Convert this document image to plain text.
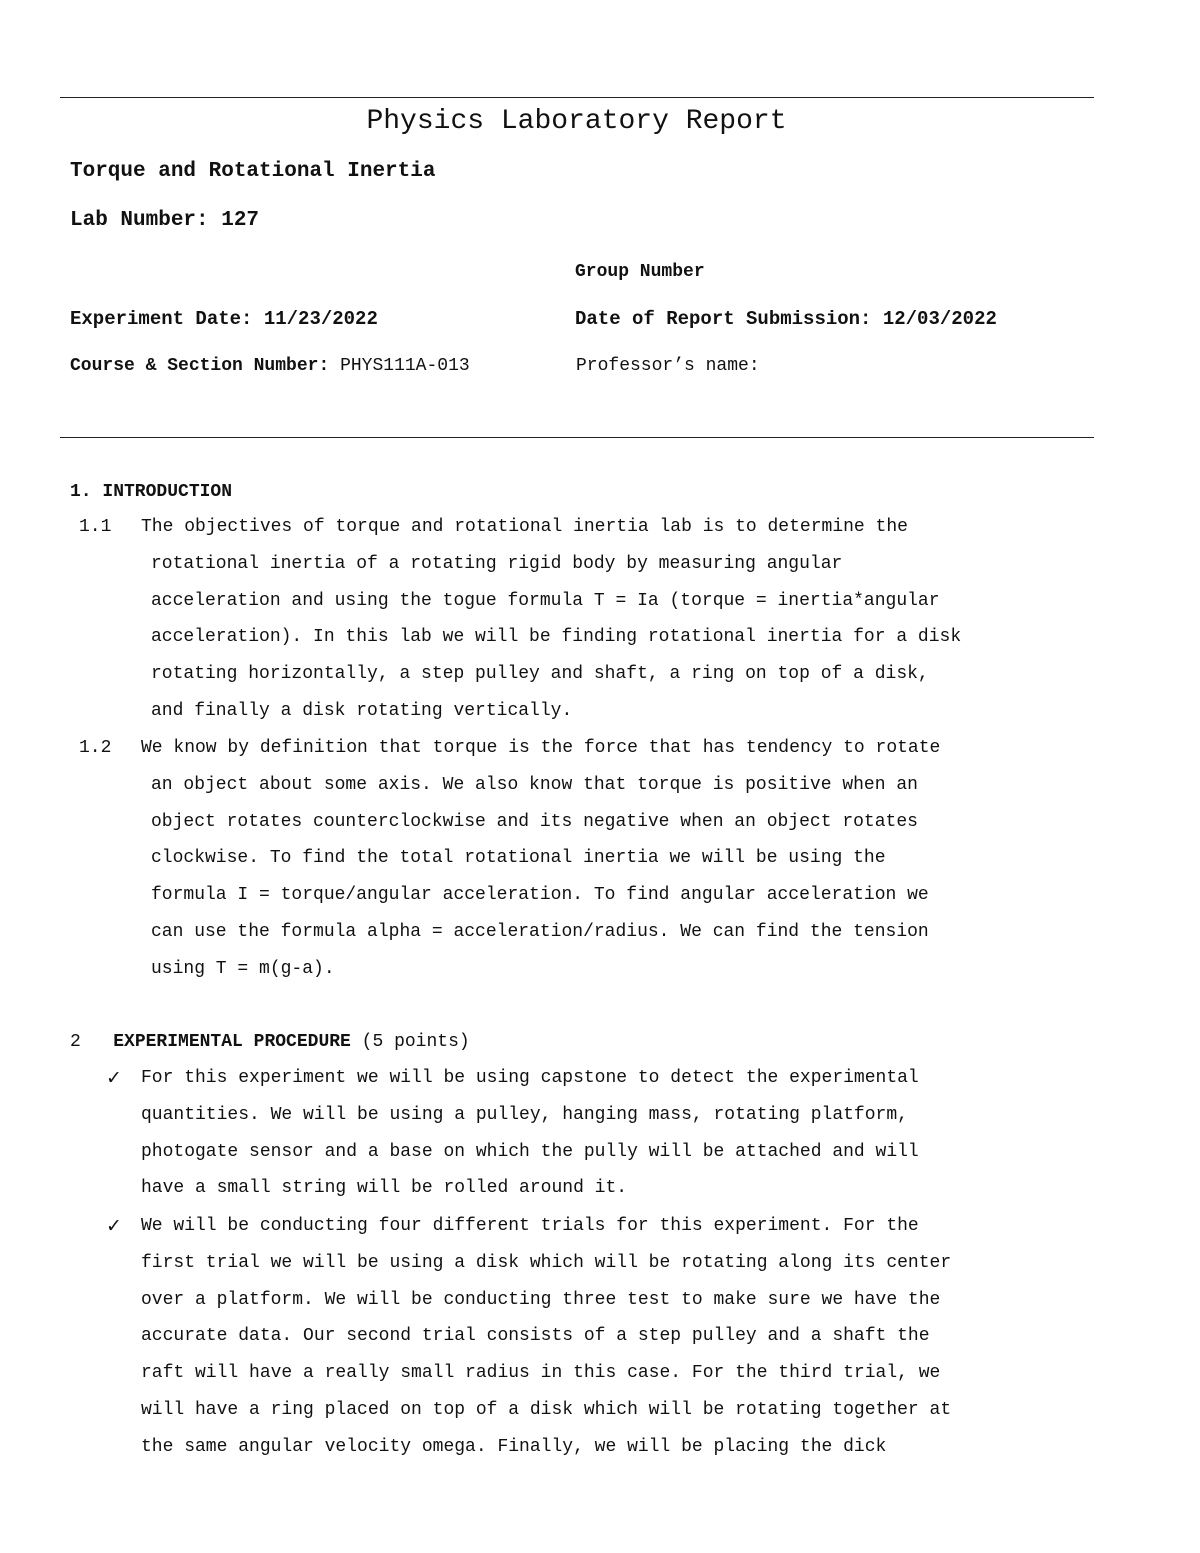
Physics Laboratory Report
Torque and Rotational Inertia
Lab Number: 127
Group Number
Experiment Date: 11/23/2022	Date of Report Submission: 12/03/2022
Course & Section Number: PHYS111A-013	Professor’s name:
1. INTRODUCTION
1.1 The objectives of torque and rotational inertia lab is to determine the
rotational inertia of a rotating rigid body by measuring angular
acceleration and using the togue formula T = Ia (torque = inertia*angular
acceleration). In this lab we will be finding rotational inertia for a disk
rotating horizontally, a step pulley and shaft, a ring on top of a disk,
and finally a disk rotating vertically.
1.2 We know by definition that torque is the force that has tendency to rotate
an object about some axis. We also know that torque is positive when an
object rotates counterclockwise and its negative when an object rotates
clockwise. To find the total rotational inertia we will be using the
formula I = torque/angular acceleration. To find angular acceleration we
can use the formula alpha = acceleration/radius. We can find the tension
using T = m(g-a).
2 EXPERIMENTAL PROCEDURE (5 points)
✓ For this experiment we will be using capstone to detect the experimental
quantities. We will be using a pulley, hanging mass, rotating platform,
photogate sensor and a base on which the pully will be attached and will
have a small string will be rolled around it.
✓ We will be conducting four different trials for this experiment. For the
first trial we will be using a disk which will be rotating along its center
over a platform. We will be conducting three test to make sure we have the
accurate data. Our second trial consists of a step pulley and a shaft the
raft will have a really small radius in this case. For the third trial, we
will have a ring placed on top of a disk which will be rotating together at
the same angular velocity omega. Finally, we will be placing the dick
